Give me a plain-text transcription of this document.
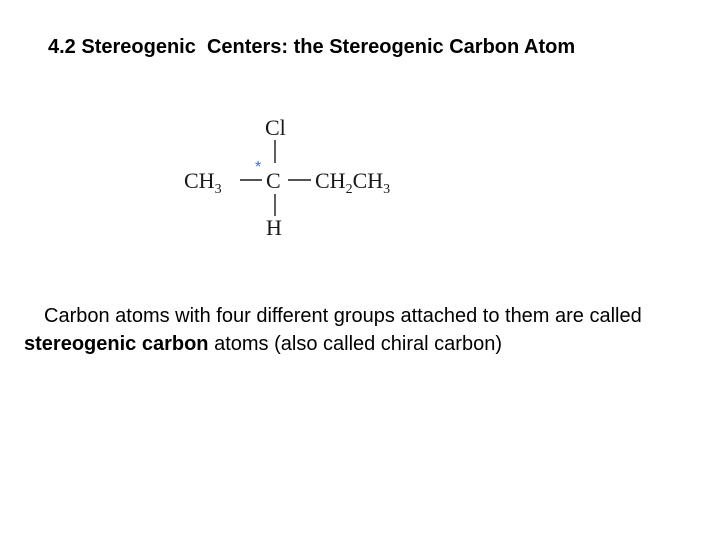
4.2 Stereogenic  Centers: the Stereogenic Carbon Atom
Cl
$CH_3$
*
C $CH_2CH_3$
H

Carbon atoms with four different groups attached to them are called stereogenic carbon atoms (also called chiral carbon)
